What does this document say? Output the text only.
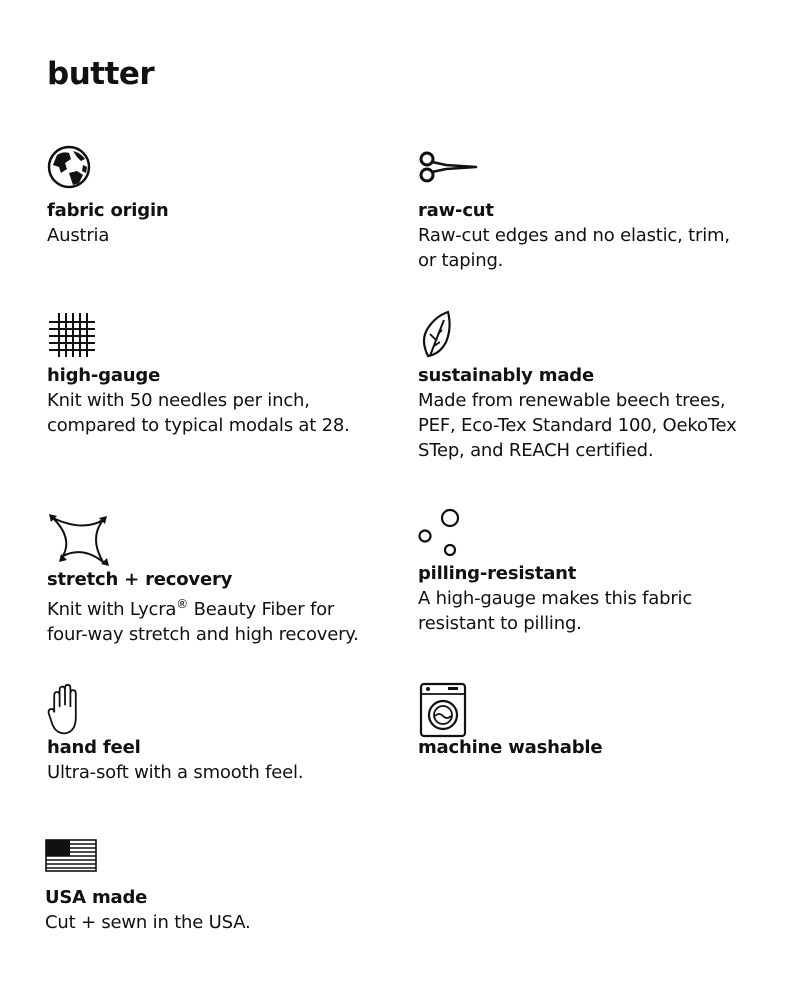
butter
fabric origin
Austria
raw-cut
Raw-cut edges and no elastic, trim,
or taping.
high-gauge
Knit with 50 needles per inch,
compared to typical modals at 28.
sustainably made
Made from renewable beech trees,
PEF, Eco-Tex Standard 100, OekoTex
STep, and REACH certified.
stretch + recovery
Knit with Lycra® Beauty Fiber for
four-way stretch and high recovery.
pilling-resistant
A high-gauge makes this fabric
resistant to pilling.
hand feel
Ultra-soft with a smooth feel.
machine washable
USA made
Cut + sewn in the USA.
